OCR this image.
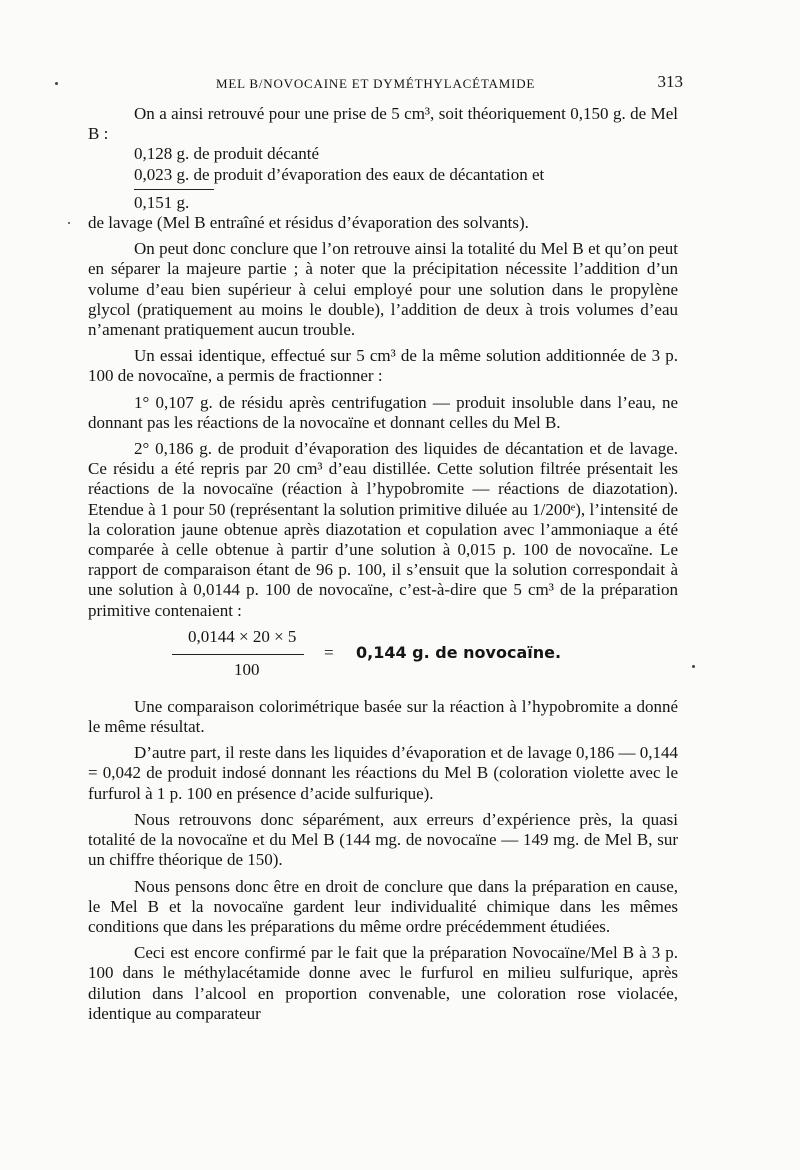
MEL B/NOVOCAINE ET DYMÉTHYLACÉTAMIDE	313

On a ainsi retrouvé pour une prise de 5 cm³, soit théoriquement 0,150 g. de Mel B :

0,128 g. de produit décanté
0,023 g. de produit d’évaporation des eaux de décantation et
0,151 g.

de lavage (Mel B entraîné et résidus d’évaporation des solvants).

On peut donc conclure que l’on retrouve ainsi la totalité du Mel B et qu’on peut en séparer la majeure partie ; à noter que la précipitation nécessite l’addition d’un volume d’eau bien supérieur à celui employé pour une solution dans le propylène glycol (pratiquement au moins le double), l’addition de deux à trois volumes d’eau n’amenant pratiquement aucun trouble.

Un essai identique, effectué sur 5 cm³ de la même solution additionnée de 3 p. 100 de novocaïne, a permis de fractionner :

1° 0,107 g. de résidu après centrifugation — produit insoluble dans l’eau, ne donnant pas les réactions de la novocaïne et donnant celles du Mel B.

2° 0,186 g. de produit d’évaporation des liquides de décantation et de lavage. Ce résidu a été repris par 20 cm³ d’eau distillée. Cette solution filtrée présentait les réactions de la novocaïne (réaction à l’hypobromite — réactions de diazotation). Etendue à 1 pour 50 (représentant la solution primitive diluée au 1/200ᵉ), l’intensité de la coloration jaune obtenue après diazotation et copulation avec l’ammoniaque a été comparée à celle obtenue à partir d’une solution à 0,015 p. 100 de novocaïne. Le rapport de comparaison étant de 96 p. 100, il s’ensuit que la solution correspondait à une solution à 0,0144 p. 100 de novocaïne, c’est-à-dire que 5 cm³ de la préparation primitive contenaient :

0,0144 × 20 × 5
100
= 0,144 g. de novocaïne.

Une comparaison colorimétrique basée sur la réaction à l’hypobromite a donné le même résultat.

D’autre part, il reste dans les liquides d’évaporation et de lavage 0,186 — 0,144 = 0,042 de produit indosé donnant les réactions du Mel B (coloration violette avec le furfurol à 1 p. 100 en présence d’acide sulfurique).

Nous retrouvons donc séparément, aux erreurs d’expérience près, la quasi totalité de la novocaïne et du Mel B (144 mg. de novocaïne — 149 mg. de Mel B, sur un chiffre théorique de 150).

Nous pensons donc être en droit de conclure que dans la préparation en cause, le Mel B et la novocaïne gardent leur individualité chimique dans les mêmes conditions que dans les préparations du même ordre précédemment étudiées.

Ceci est encore confirmé par le fait que la préparation Novocaïne/Mel B à 3 p. 100 dans le méthylacétamide donne avec le furfurol en milieu sulfurique, après dilution dans l’alcool en proportion convenable, une coloration rose violacée, identique au comparateur
